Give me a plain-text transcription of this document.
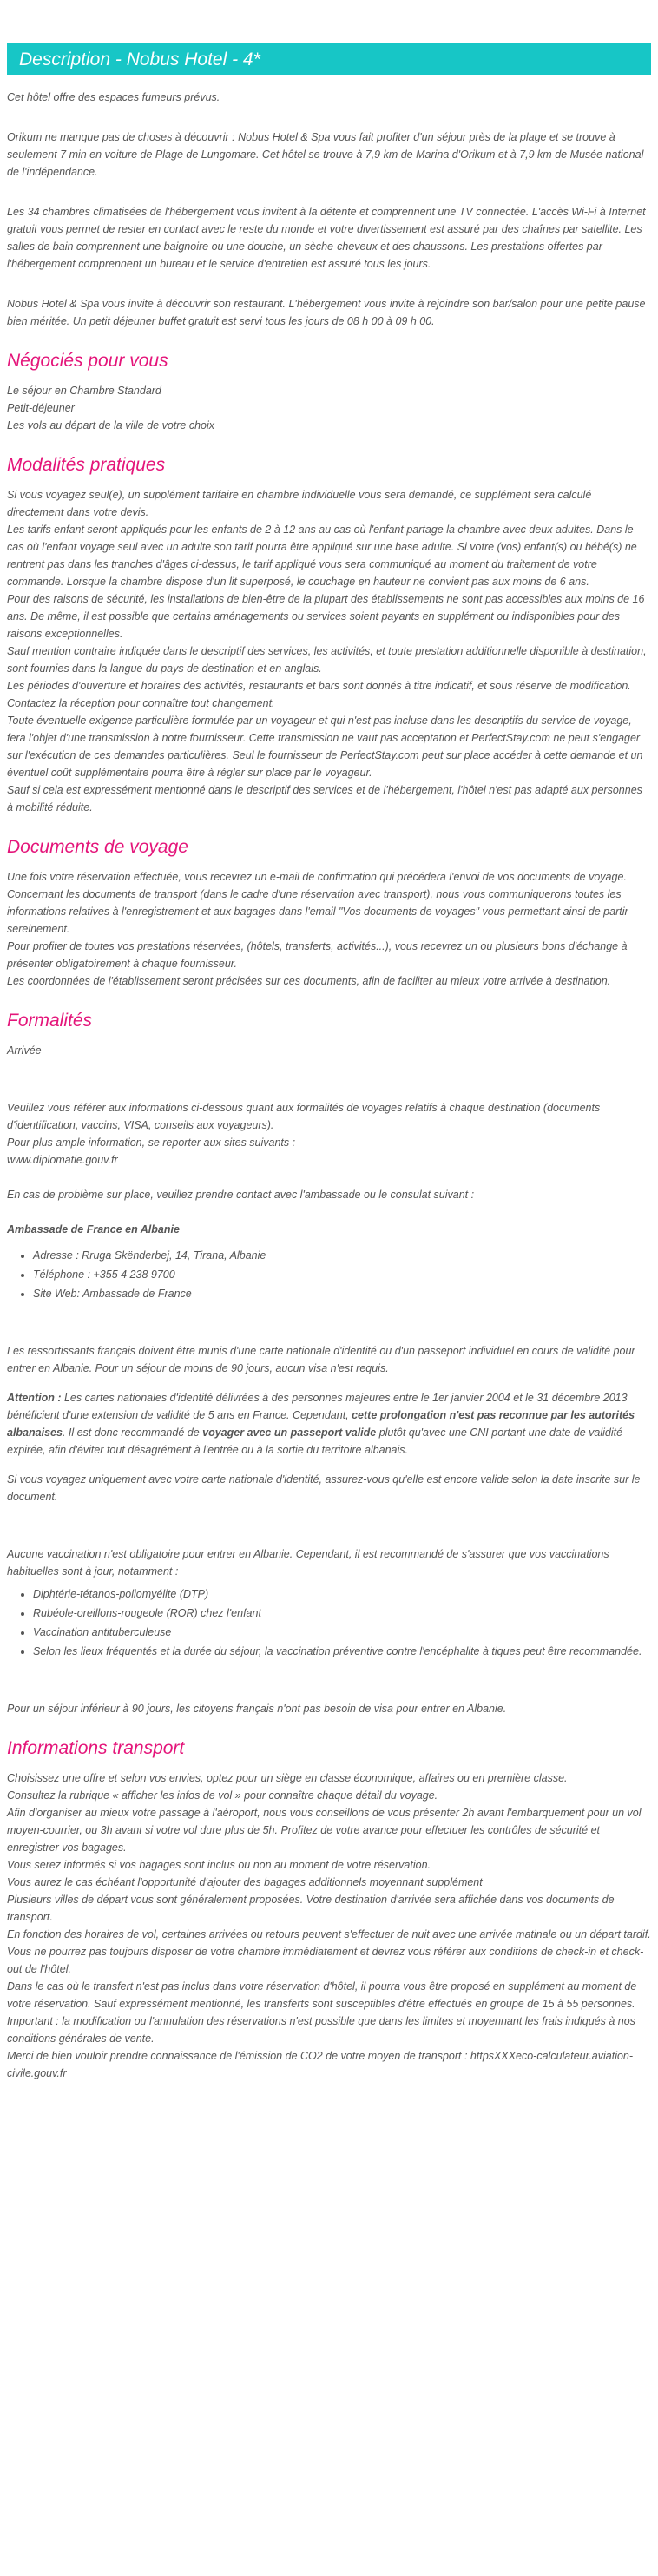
Description - Nobus Hotel - 4*

Cet hôtel offre des espaces fumeurs prévus.

Orikum ne manque pas de choses à découvrir : Nobus Hotel & Spa vous fait profiter d'un séjour près de la plage et se trouve à seulement 7 min en voiture de Plage de Lungomare. Cet hôtel se trouve à 7,9 km de Marina d'Orikum et à 7,9 km de Musée national de l'indépendance.

Les 34 chambres climatisées de l'hébergement vous invitent à la détente et comprennent une TV connectée. L'accès Wi-Fi à Internet gratuit vous permet de rester en contact avec le reste du monde et votre divertissement est assuré par des chaînes par satellite. Les salles de bain comprennent une baignoire ou une douche, un sèche-cheveux et des chaussons. Les prestations offertes par l'hébergement comprennent un bureau et le service d'entretien est assuré tous les jours.

Nobus Hotel & Spa vous invite à découvrir son restaurant. L'hébergement vous invite à rejoindre son bar/salon pour une petite pause bien méritée. Un petit déjeuner buffet gratuit est servi tous les jours de 08 h 00 à 09 h 00.

Négociés pour vous
Le séjour en Chambre Standard
Petit-déjeuner
Les vols au départ de la ville de votre choix
Modalités pratiques
Si vous voyagez seul(e), un supplément tarifaire en chambre individuelle vous sera demandé, ce supplément sera calculé directement dans votre devis.
Les tarifs enfant seront appliqués pour les enfants de 2 à 12 ans au cas où l'enfant partage la chambre avec deux adultes. Dans le cas où l'enfant voyage seul avec un adulte son tarif pourra être appliqué sur une base adulte. Si votre (vos) enfant(s) ou bébé(s) ne rentrent pas dans les tranches d'âges ci-dessus, le tarif appliqué vous sera communiqué au moment du traitement de votre commande. Lorsque la chambre dispose d'un lit superposé, le couchage en hauteur ne convient pas aux moins de 6 ans.
Pour des raisons de sécurité, les installations de bien-être de la plupart des établissements ne sont pas accessibles aux moins de 16 ans. De même, il est possible que certains aménagements ou services soient payants en supplément ou indisponibles pour des raisons exceptionnelles.
Sauf mention contraire indiquée dans le descriptif des services, les activités, et toute prestation additionnelle disponible à destination, sont fournies dans la langue du pays de destination et en anglais.
Les périodes d'ouverture et horaires des activités, restaurants et bars sont donnés à titre indicatif, et sous réserve de modification. Contactez la réception pour connaître tout changement.
Toute éventuelle exigence particulière formulée par un voyageur et qui n'est pas incluse dans les descriptifs du service de voyage, fera l'objet d'une transmission à notre fournisseur. Cette transmission ne vaut pas acceptation et PerfectStay.com ne peut s'engager sur l'exécution de ces demandes particulières. Seul le fournisseur de PerfectStay.com peut sur place accéder à cette demande et un éventuel coût supplémentaire pourra être à régler sur place par le voyageur.
Sauf si cela est expressément mentionné dans le descriptif des services et de l'hébergement, l'hôtel n'est pas adapté aux personnes à mobilité réduite.
Documents de voyage
Une fois votre réservation effectuée, vous recevrez un e-mail de confirmation qui précédera l'envoi de vos documents de voyage.
Concernant les documents de transport (dans le cadre d'une réservation avec transport), nous vous communiquerons toutes les informations relatives à l'enregistrement et aux bagages dans l'email "Vos documents de voyages" vous permettant ainsi de partir sereinement.
Pour profiter de toutes vos prestations réservées, (hôtels, transferts, activités...), vous recevrez un ou plusieurs bons d'échange à présenter obligatoirement à chaque fournisseur.
Les coordonnées de l'établissement seront précisées sur ces documents, afin de faciliter au mieux votre arrivée à destination.
Formalités

Arrivée

Veuillez vous référer aux informations ci-dessous quant aux formalités de voyages relatifs à chaque destination (documents d'identification, vaccins, VISA, conseils aux voyageurs).
Pour plus ample information, se reporter aux sites suivants :
www.diplomatie.gouv.fr

En cas de problème sur place, veuillez prendre contact avec l'ambassade ou le consulat suivant :

Ambassade de France en Albanie
• Adresse : Rruga Skënderbej, 14, Tirana, Albanie
• Téléphone : +355 4 238 9700
• Site Web: Ambassade de France

Les ressortissants français doivent être munis d'une carte nationale d'identité ou d'un passeport individuel en cours de validité pour entrer en Albanie. Pour un séjour de moins de 90 jours, aucun visa n'est requis.

Attention : Les cartes nationales d'identité délivrées à des personnes majeures entre le 1er janvier 2004 et le 31 décembre 2013 bénéficient d'une extension de validité de 5 ans en France. Cependant, cette prolongation n'est pas reconnue par les autorités albanaises. Il est donc recommandé de voyager avec un passeport valide plutôt qu'avec une CNI portant une date de validité expirée, afin d'éviter tout désagrément à l'entrée ou à la sortie du territoire albanais.

Si vous voyagez uniquement avec votre carte nationale d'identité, assurez-vous qu'elle est encore valide selon la date inscrite sur le document.

Aucune vaccination n'est obligatoire pour entrer en Albanie. Cependant, il est recommandé de s'assurer que vos vaccinations habituelles sont à jour, notamment :

• Diphtérie-tétanos-poliomyélite (DTP)
• Rubéole-oreillons-rougeole (ROR) chez l'enfant
• Vaccination antituberculeuse
• Selon les lieux fréquentés et la durée du séjour, la vaccination préventive contre l'encéphalite à tiques peut être recommandée.

Pour un séjour inférieur à 90 jours, les citoyens français n'ont pas besoin de visa pour entrer en Albanie.

Informations transport
Choisissez une offre et selon vos envies, optez pour un siège en classe économique, affaires ou en première classe.
Consultez la rubrique « afficher les infos de vol » pour connaître chaque détail du voyage.
Afin d'organiser au mieux votre passage à l'aéroport, nous vous conseillons de vous présenter 2h avant l'embarquement pour un vol moyen-courrier, ou 3h avant si votre vol dure plus de 5h. Profitez de votre avance pour effectuer les contrôles de sécurité et enregistrer vos bagages.
Vous serez informés si vos bagages sont inclus ou non au moment de votre réservation.
Vous aurez le cas échéant l'opportunité d'ajouter des bagages additionnels moyennant supplément
Plusieurs villes de départ vous sont généralement proposées. Votre destination d'arrivée sera affichée dans vos documents de transport.
En fonction des horaires de vol, certaines arrivées ou retours peuvent s'effectuer de nuit avec une arrivée matinale ou un départ tardif. Vous ne pourrez pas toujours disposer de votre chambre immédiatement et devrez vous référer aux conditions de check-in et check-out de l'hôtel.
Dans le cas où le transfert n'est pas inclus dans votre réservation d'hôtel, il pourra vous être proposé en supplément au moment de votre réservation. Sauf expressément mentionné, les transferts sont susceptibles d'être effectués en groupe de 15 à 55 personnes.
Important : la modification ou l'annulation des réservations n'est possible que dans les limites et moyennant les frais indiqués à nos conditions générales de vente.
Merci de bien vouloir prendre connaissance de l'émission de CO2 de votre moyen de transport : httpsXXXeco-calculateur.aviation-civile.gouv.fr
